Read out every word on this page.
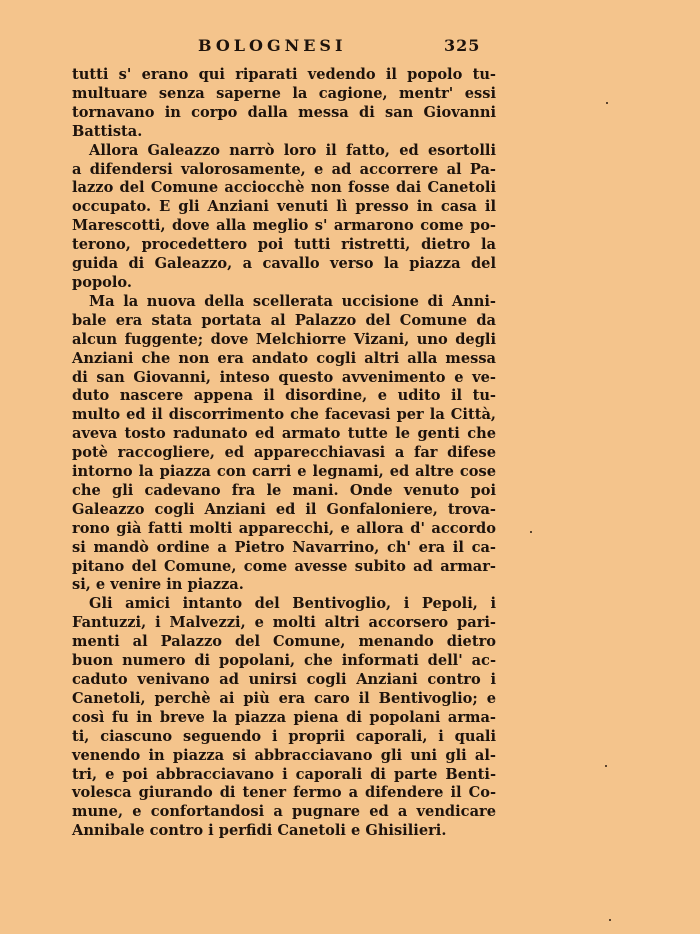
BOLOGNESI	325
tutti s' erano qui riparati vedendo il popolo tu-
multuare senza saperne la cagione, mentr' essi
tornavano in corpo dalla messa di san Giovanni
Battista.
Allora Galeazzo narrò loro il fatto, ed esortolli
a difendersi valorosamente, e ad accorrere al Pa-
lazzo del Comune acciocchè non fosse dai Canetoli
occupato. E gli Anziani venuti lì presso in casa il
Marescotti, dove alla meglio s' armarono come po-
terono, procedettero poi tutti ristretti, dietro la
guida di Galeazzo, a cavallo verso la piazza del
popolo.
Ma la nuova della scellerata uccisione di Anni-
bale era stata portata al Palazzo del Comune da
alcun fuggente; dove Melchiorre Vizani, uno degli
Anziani che non era andato cogli altri alla messa
di san Giovanni, inteso questo avvenimento e ve-
duto nascere appena il disordine, e udito il tu-
multo ed il discorrimento che facevasi per la Città,
aveva tosto radunato ed armato tutte le genti che
potè raccogliere, ed apparecchiavasi a far difese
intorno la piazza con carri e legnami, ed altre cose
che gli cadevano fra le mani. Onde venuto poi
Galeazzo cogli Anziani ed il Gonfaloniere, trova-
rono già fatti molti apparecchi, e allora d' accordo
si mandò ordine a Pietro Navarrino, ch' era il ca-
pitano del Comune, come avesse subito ad armar-
si, e venire in piazza.
Gli amici intanto del Bentivoglio, i Pepoli, i
Fantuzzi, i Malvezzi, e molti altri accorsero pari-
menti al Palazzo del Comune, menando dietro
buon numero di popolani, che informati dell' ac-
caduto venivano ad unirsi cogli Anziani contro i
Canetoli, perchè ai più era caro il Bentivoglio; e
così fu in breve la piazza piena di popolani arma-
ti, ciascuno seguendo i proprii caporali, i quali
venendo in piazza si abbracciavano gli uni gli al-
tri, e poi abbracciavano i caporali di parte Benti-
volesca giurando di tener fermo a difendere il Co-
mune, e confortandosi a pugnare ed a vendicare
Annibale contro i perfidi Canetoli e Ghisilieri.
